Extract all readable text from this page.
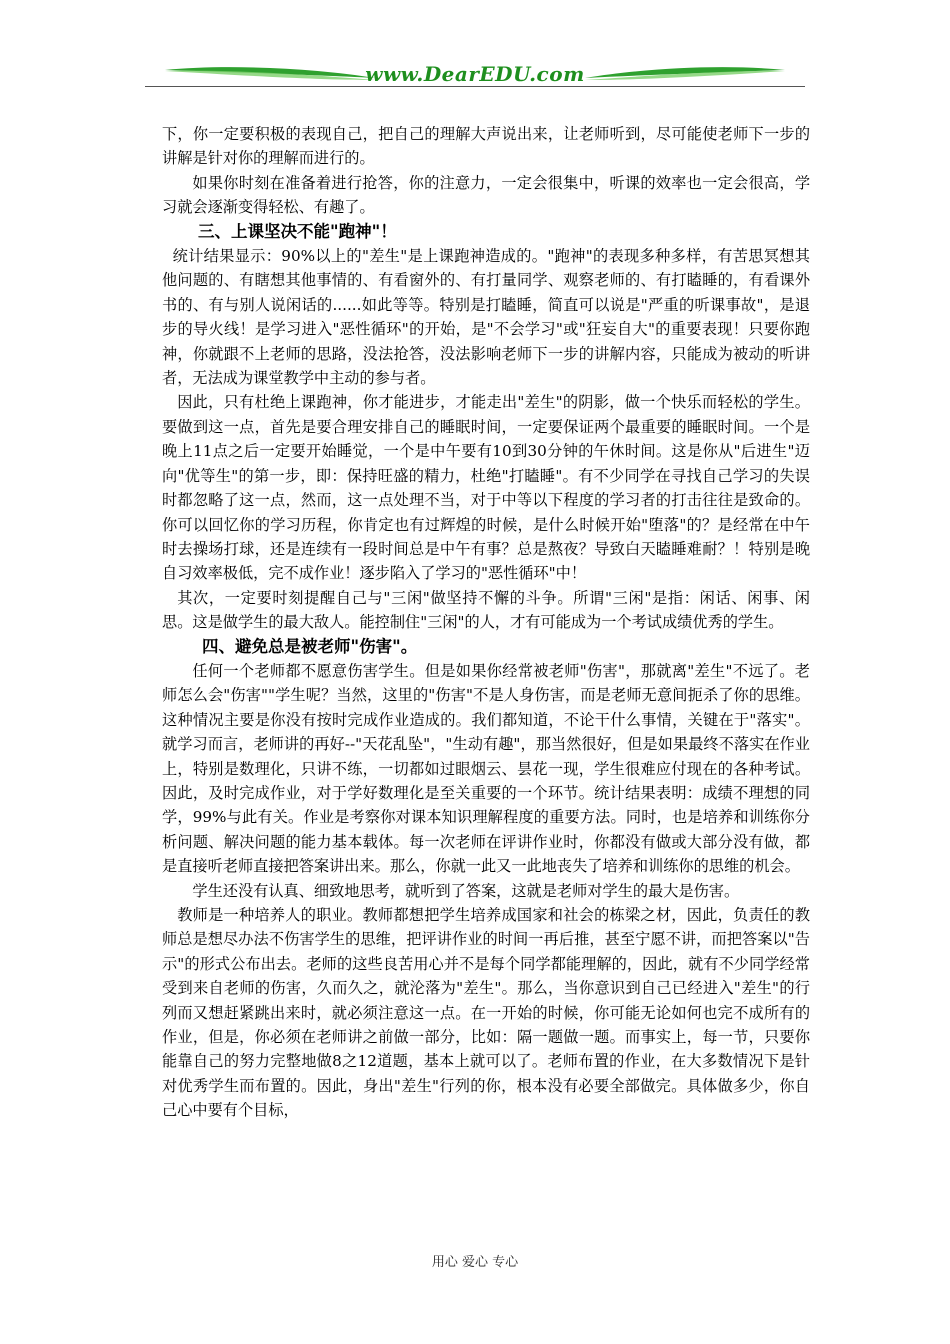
www.DearEDU.com

下，你一定要积极的表现自己，把自己的理解大声说出来，让老师听到，尽可能使老师下一步的讲解是针对你的理解而进行的。

如果你时刻在准备着进行抢答，你的注意力，一定会很集中，听课的效率也一定会很高，学习就会逐渐变得轻松、有趣了。

三、上课坚决不能"跑神"！

统计结果显示：90%以上的"差生"是上课跑神造成的。"跑神"的表现多种多样，有苦思冥想其他问题的、有瞎想其他事情的、有看窗外的、有打量同学、观察老师的、有打瞌睡的，有看课外书的、有与别人说闲话的......如此等等。特别是打瞌睡，简直可以说是"严重的听课事故"，是退步的导火线！是学习进入"恶性循环"的开始，是"不会学习"或"狂妄自大"的重要表现！只要你跑神，你就跟不上老师的思路，没法抢答，没法影响老师下一步的讲解内容，只能成为被动的听讲者，无法成为课堂教学中主动的参与者。

因此，只有杜绝上课跑神，你才能进步，才能走出"差生"的阴影，做一个快乐而轻松的学生。要做到这一点，首先是要合理安排自己的睡眠时间，一定要保证两个最重要的睡眠时间。一个是晚上11点之后一定要开始睡觉，一个是中午要有10到30分钟的午休时间。这是你从"后进生"迈向"优等生"的第一步，即：保持旺盛的精力，杜绝"打瞌睡"。有不少同学在寻找自己学习的失误时都忽略了这一点，然而，这一点处理不当，对于中等以下程度的学习者的打击往往是致命的。你可以回忆你的学习历程，你肯定也有过辉煌的时候，是什么时候开始"堕落"的？是经常在中午时去操场打球，还是连续有一段时间总是中午有事？总是熬夜？导致白天瞌睡难耐？！特别是晚自习效率极低，完不成作业！逐步陷入了学习的"恶性循环"中！

其次，一定要时刻提醒自己与"三闲"做坚持不懈的斗争。所谓"三闲"是指：闲话、闲事、闲思。这是做学生的最大敌人。能控制住"三闲"的人，才有可能成为一个考试成绩优秀的学生。

四、避免总是被老师"伤害"。

任何一个老师都不愿意伤害学生。但是如果你经常被老师"伤害"，那就离"差生"不远了。老师怎么会"伤害""学生呢？当然，这里的"伤害"不是人身伤害，而是老师无意间扼杀了你的思维。这种情况主要是你没有按时完成作业造成的。我们都知道，不论干什么事情，关键在于"落实"。就学习而言，老师讲的再好--"天花乱坠"，"生动有趣"，那当然很好，但是如果最终不落实在作业上，特别是数理化，只讲不练，一切都如过眼烟云、昙花一现，学生很难应付现在的各种考试。因此，及时完成作业，对于学好数理化是至关重要的一个环节。统计结果表明：成绩不理想的同学，99%与此有关。作业是考察你对课本知识理解程度的重要方法。同时，也是培养和训练你分析问题、解决问题的能力基本载体。每一次老师在评讲作业时，你都没有做或大部分没有做，都是直接听老师直接把答案讲出来。那么，你就一此又一此地丧失了培养和训练你的思维的机会。

学生还没有认真、细致地思考，就听到了答案，这就是老师对学生的最大是伤害。

教师是一种培养人的职业。教师都想把学生培养成国家和社会的栋梁之材，因此，负责任的教师总是想尽办法不伤害学生的思维，把评讲作业的时间一再后推，甚至宁愿不讲，而把答案以"告示"的形式公布出去。老师的这些良苦用心并不是每个同学都能理解的，因此，就有不少同学经常受到来自老师的伤害，久而久之，就沦落为"差生"。那么，当你意识到自己已经进入"差生"的行列而又想赶紧跳出来时，就必须注意这一点。在一开始的时候，你可能无论如何也完不成所有的作业，但是，你必须在老师讲之前做一部分，比如：隔一题做一题。而事实上，每一节，只要你能靠自己的努力完整地做8之12道题，基本上就可以了。老师布置的作业，在大多数情况下是针对优秀学生而布置的。因此，身出"差生"行列的你，根本没有必要全部做完。具体做多少，你自己心中要有个目标，

用心 爱心 专心
